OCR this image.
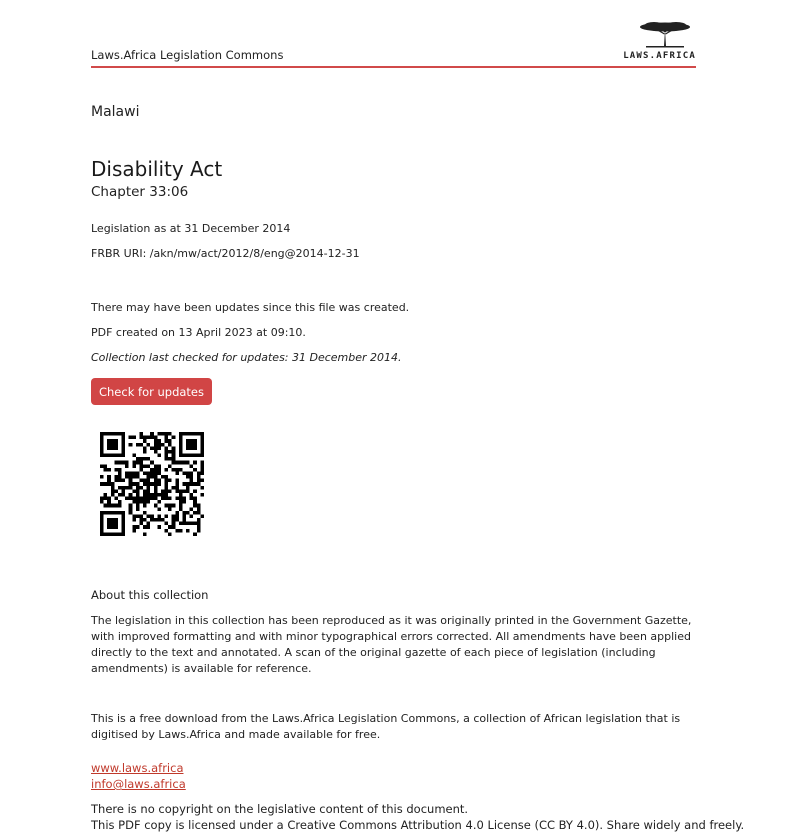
Laws.Africa Legislation Commons	LAWS.AFRICA
Malawi
Disability Act
Chapter 33:06
Legislation as at 31 December 2014
FRBR URI: /akn/mw/act/2012/8/eng@2014-12-31
There may have been updates since this file was created.
PDF created on 13 April 2023 at 09:10.
Collection last checked for updates: 31 December 2014.
Check for updates
About this collection
The legislation in this collection has been reproduced as it was originally printed in the Government Gazette, with improved formatting and with minor typographical errors corrected. All amendments have been applied directly to the text and annotated. A scan of the original gazette of each piece of legislation (including amendments) is available for reference.
This is a free download from the Laws.Africa Legislation Commons, a collection of African legislation that is digitised by Laws.Africa and made available for free.
www.laws.africa
info@laws.africa
There is no copyright on the legislative content of this document.
This PDF copy is licensed under a Creative Commons Attribution 4.0 License (CC BY 4.0). Share widely and freely.
